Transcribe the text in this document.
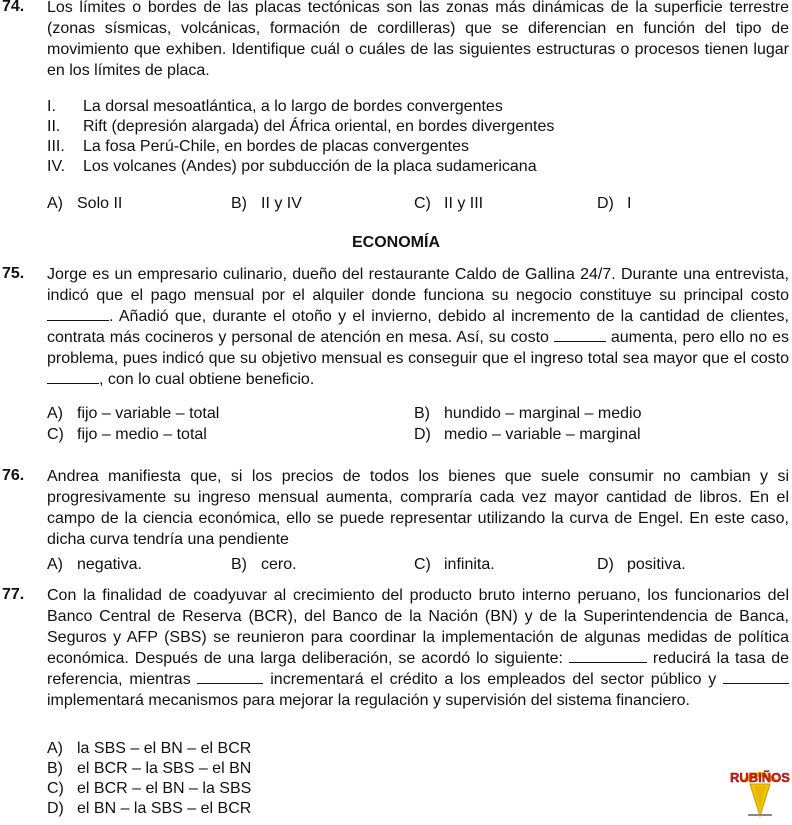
74. Los límites o bordes de las placas tectónicas son las zonas más dinámicas de la superficie terrestre (zonas sísmicas, volcánicas, formación de cordilleras) que se diferencian en función del tipo de movimiento que exhiben. Identifique cuál o cuáles de las siguientes estructuras o procesos tienen lugar en los límites de placa.
I. La dorsal mesoatlántica, a lo largo de bordes convergentes
II. Rift (depresión alargada) del África oriental, en bordes divergentes
III. La fosa Perú-Chile, en bordes de placas convergentes
IV. Los volcanes (Andes) por subducción de la placa sudamericana
A) Solo II	B) II y IV	C) II y III	D) I
ECONOMÍA
75. Jorge es un empresario culinario, dueño del restaurante Caldo de Gallina 24/7. Durante una entrevista, indicó que el pago mensual por el alquiler donde funciona su negocio constituye su principal costo . Añadió que, durante el otoño y el invierno, debido al incremento de la cantidad de clientes, contrata más cocineros y personal de atención en mesa. Así, su costo	aumenta, pero ello no es problema, pues indicó que su objetivo mensual es conseguir que el ingreso total sea mayor que el costo , con lo cual obtiene beneficio.
A) fijo – variable – total	B) hundido – marginal – medio
C) fijo – medio – total	D) medio – variable – marginal
76. Andrea manifiesta que, si los precios de todos los bienes que suele consumir no cambian y si progresivamente su ingreso mensual aumenta, compraría cada vez mayor cantidad de libros. En el campo de la ciencia económica, ello se puede representar utilizando la curva de Engel. En este caso, dicha curva tendría una pendiente
A) negativa.	B) cero.	C) infinita.	D) positiva.
77. Con la finalidad de coadyuvar al crecimiento del producto bruto interno peruano, los funcionarios del Banco Central de Reserva (BCR), del Banco de la Nación (BN) y de la Superintendencia de Banca, Seguros y AFP (SBS) se reunieron para coordinar la implementación de algunas medidas de política económica. Después de una larga deliberación, se acordó lo siguiente:	reducirá la tasa de referencia, mientras	incrementará el crédito a los empleados del sector público y  implementará mecanismos para mejorar la regulación y supervisión del sistema financiero.
A) la SBS – el BN – el BCR
B) el BCR – la SBS – el BN
C) el BCR – el BN – la SBS
D) el BN – la SBS – el BCR
RUBIÑOS
